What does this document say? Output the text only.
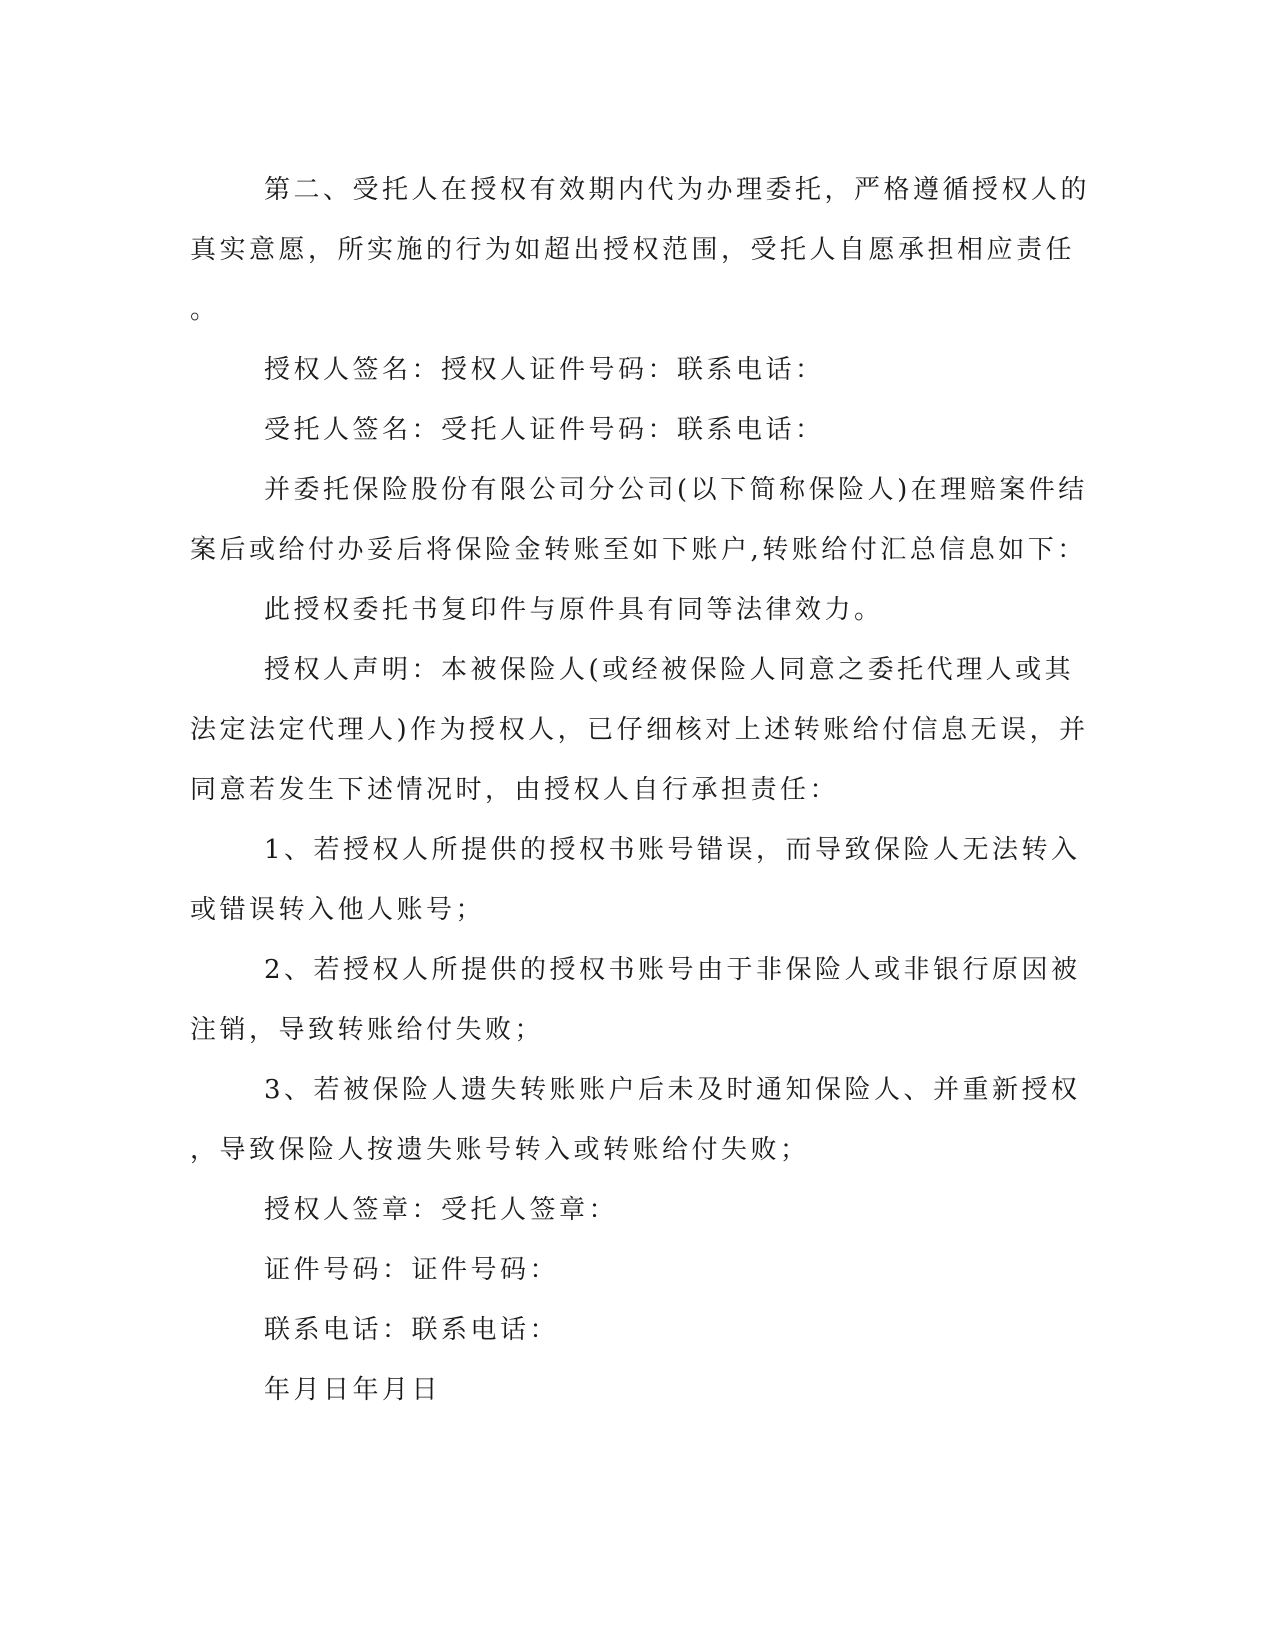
第二、受托人在授权有效期内代为办理委托，严格遵循授权人的
真实意愿，所实施的行为如超出授权范围，受托人自愿承担相应责任
。
授权人签名：授权人证件号码：联系电话：
受托人签名：受托人证件号码：联系电话：
并委托保险股份有限公司分公司(以下简称保险人)在理赔案件结
案后或给付办妥后将保险金转账至如下账户,转账给付汇总信息如下：
此授权委托书复印件与原件具有同等法律效力。
授权人声明：本被保险人(或经被保险人同意之委托代理人或其
法定法定代理人)作为授权人，已仔细核对上述转账给付信息无误，并
同意若发生下述情况时，由授权人自行承担责任：
1、若授权人所提供的授权书账号错误，而导致保险人无法转入
或错误转入他人账号；
2、若授权人所提供的授权书账号由于非保险人或非银行原因被
注销，导致转账给付失败；
3、若被保险人遗失转账账户后未及时通知保险人、并重新授权
，导致保险人按遗失账号转入或转账给付失败；
授权人签章：受托人签章：
证件号码：证件号码：
联系电话：联系电话：
年月日年月日
